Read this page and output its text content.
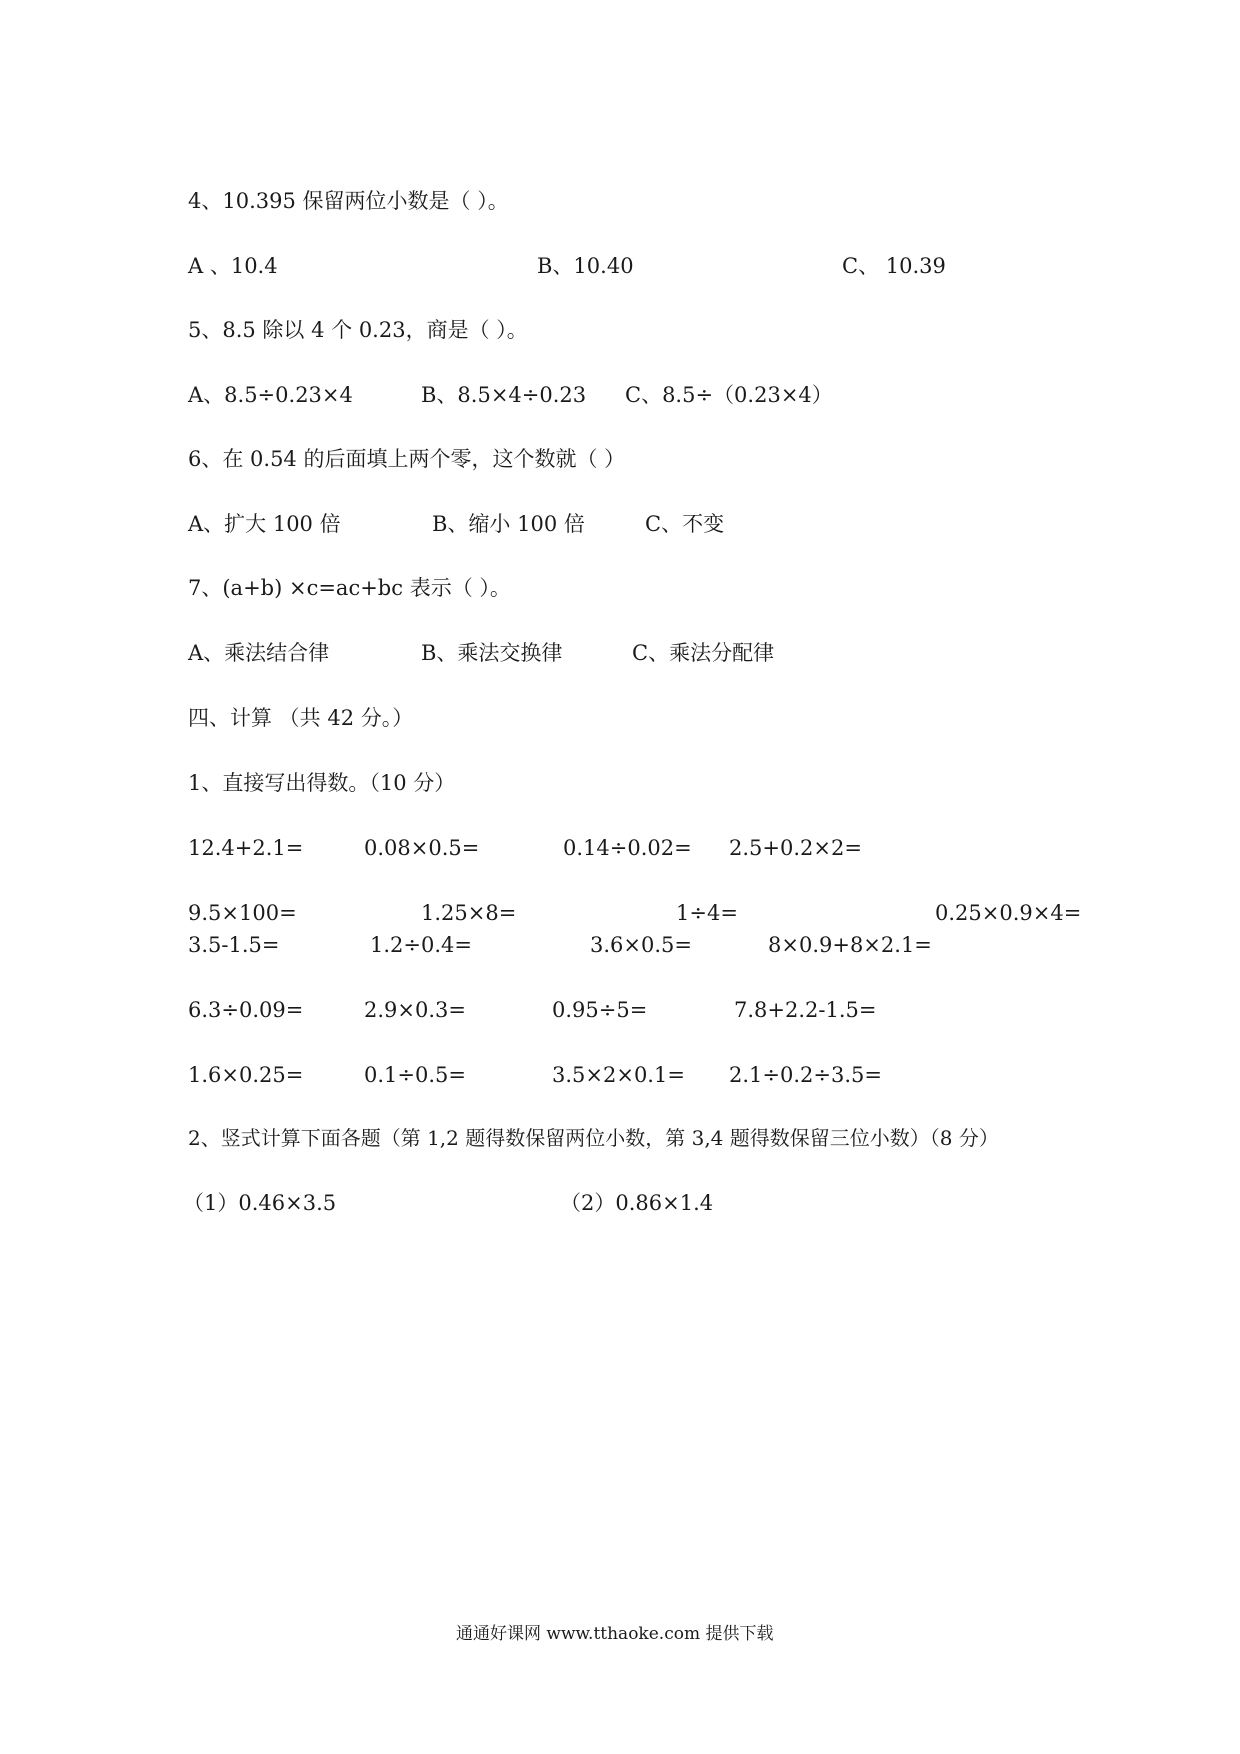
4、10.395 保留两位小数是（ ）。
A 、10.4	B、10.40	C、 10.39
5、8.5 除以 4 个 0.23，商是（ ）。
A、8.5÷0.23×4	B、8.5×4÷0.23 C、8.5÷（0.23×4）
6、在 0.54 的后面填上两个零，这个数就（ ）
A、扩大 100 倍	B、缩小 100 倍	C、不变
7、(a+b) ×c=ac+bc 表示（ ）。
A、乘法结合律	B、乘法交换律	C、乘法分配律
四、计算 （共 42 分。）
1、直接写出得数。（10 分）
12.4+2.1=	0.08×0.5=	0.14÷0.02= 2.5+0.2×2=
9.5×100=	1.25×8=	1÷4=	0.25×0.9×4=
3.5-1.5=	1.2÷0.4=	3.6×0.5=	8×0.9+8×2.1=
6.3÷0.09=	2.9×0.3=	0.95÷5=	7.8+2.2-1.5=
1.6×0.25=	0.1÷0.5=	3.5×2×0.1= 2.1÷0.2÷3.5=
2、竖式计算下面各题（第 1,2 题得数保留两位小数，第 3,4 题得数保留三位小数）（8 分）
（1）0.46×3.5	（2）0.86×1.4
通通好课网 www.tthaoke.com 提供下载
